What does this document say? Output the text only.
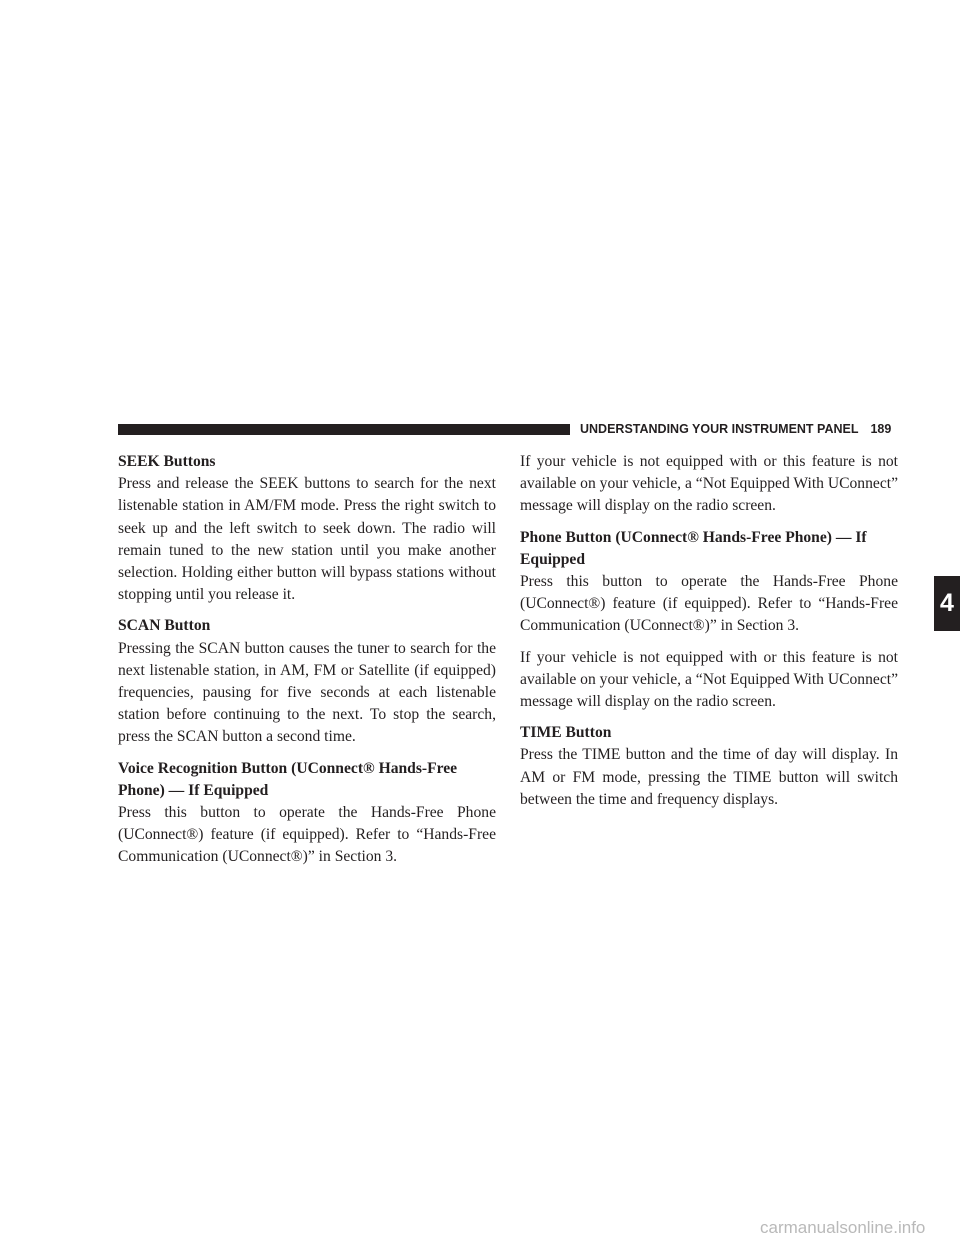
UNDERSTANDING YOUR INSTRUMENT PANEL 189
SEEK Buttons

Press and release the SEEK buttons to search for the next listenable station in AM/FM mode. Press the right switch to seek up and the left switch to seek down. The radio will remain tuned to the new station until you make another selection. Holding either button will bypass stations without stopping until you release it.

SCAN Button

Pressing the SCAN button causes the tuner to search for the next listenable station, in AM, FM or Satellite (if equipped) frequencies, pausing for five seconds at each listenable station before continuing to the next. To stop the search, press the SCAN button a second time.

Voice Recognition Button (UConnect® Hands-Free Phone) — If Equipped

Press this button to operate the Hands-Free Phone (UConnect®) feature (if equipped). Refer to “Hands-Free Communication (UConnect®)” in Section 3.

If your vehicle is not equipped with or this feature is not available on your vehicle, a “Not Equipped With UConnect” message will display on the radio screen.

Phone Button (UConnect® Hands-Free Phone) — If Equipped

Press this button to operate the Hands-Free Phone (UConnect®) feature (if equipped). Refer to “Hands-Free Communication (UConnect®)” in Section 3.

If your vehicle is not equipped with or this feature is not available on your vehicle, a “Not Equipped With UConnect” message will display on the radio screen.

TIME Button

Press the TIME button and the time of day will display. In AM or FM mode, pressing the TIME button will switch between the time and frequency displays.

4
carmanualsonline.info
